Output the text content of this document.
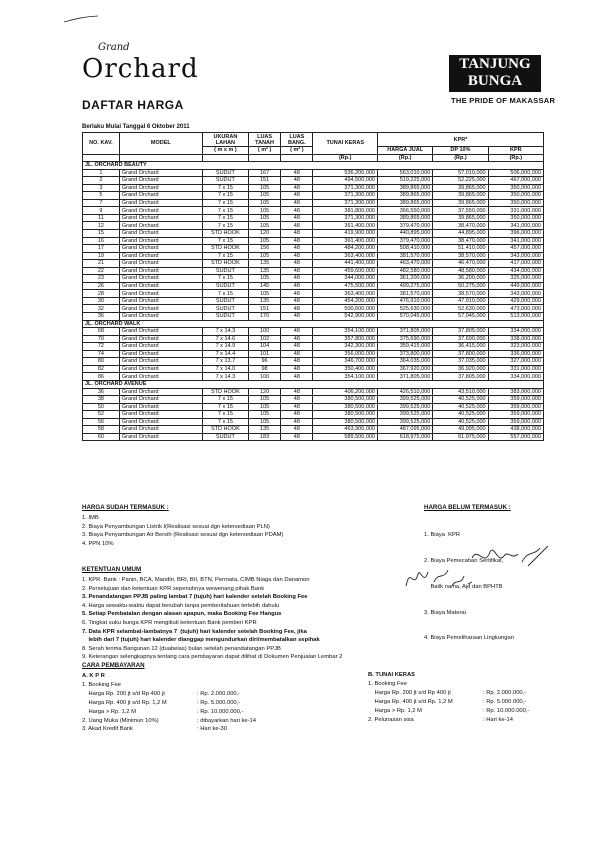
Grand
Orchard
DAFTAR HARGA
TANJUNG
BUNGA
THE PRIDE OF MAKASSAR
Berlaku Mulai Tanggal 6 Oktober 2011
NO. KAV.	MODEL	UKURAN LAHAN	LUAS TANAH	LUAS BANG.	TUNAI KERAS	KPR*		
		( m x m )	( m² )	( m² )		HARGA JUAL	DP 10%	KPR
					(Rp.)	(Rp.)	(Rp.)	(Rp.)
JL. ORCHARD BEAUTY								
1	Grand Orchard	SUDUT	167	48	536,200,000	563,010,000	57,010,000	506,000,000
2	Grand Orchard	SUDUT	151	48	494,500,000	519,225,000	52,225,000	467,000,000
3	Grand Orchard	7 x 15	105	48	371,300,000	389,865,000	39,865,000	350,000,000
5	Grand Orchard	7 x 15	105	48	371,300,000	389,865,000	39,865,000	350,000,000
7	Grand Orchard	7 x 15	105	48	371,300,000	389,865,000	39,865,000	350,000,000
9	Grand Orchard	7 x 15	105	48	381,800,000	366,550,000	37,550,000	331,000,000
11	Grand Orchard	7 x 15	105	48	371,300,000	389,865,000	39,865,000	350,000,000
12	Grand Orchard	7 x 15	105	48	361,400,000	379,470,000	38,470,000	341,000,000
15	Grand Orchard	STD HOOK	120	48	419,900,000	440,895,000	44,895,000	396,000,000
16	Grand Orchard	7 x 15	105	48	361,400,000	379,470,000	38,470,000	341,000,000
17	Grand Orchard	STD HOOK	156	48	484,200,000	508,410,000	51,410,000	457,000,000
19	Grand Orchard	7 x 15	105	48	363,400,000	381,570,000	38,570,000	343,000,000
21	Grand Orchard	STD HOOK	135	48	441,400,000	463,470,000	46,470,000	417,000,000
22	Grand Orchard	SUDUT	135	48	459,600,000	482,580,000	48,580,000	434,000,000
23	Grand Orchard	7 x 15	105	48	344,000,000	361,200,000	36,200,000	325,000,000
26	Grand Orchard	SUDUT	145	48	475,500,000	499,275,000	50,275,000	449,000,000
28	Grand Orchard	7 x 15	105	48	363,400,000	381,570,000	38,570,000	343,000,000
30	Grand Orchard	SUDUT	135	48	454,200,000	476,910,000	47,910,000	429,000,000
32	Grand Orchard	SUDUT	151	48	500,600,000	525,630,000	52,630,000	473,000,000
36	Grand Orchard	SUDUT	170	48	542,900,000	570,045,000	57,045,000	513,000,000
JL. ORCHARD WALK								
68	Grand Orchard	7 x 14.3	100	48	354,100,000	371,805,000	37,805,000	334,000,000
70	Grand Orchard	7 x 14.6	102	48	357,800,000	375,690,000	37,690,000	338,000,000
72	Grand Orchard	7 x 14.9	104	48	342,300,000	359,415,000	36,415,000	323,000,000
74	Grand Orchard	7 x 14.4	101	48	356,000,000	373,800,000	37,800,000	336,000,000
80	Grand Orchard	7 x 13.7	96	48	346,700,000	364,035,000	37,035,000	327,000,000
82	Grand Orchard	7 x 14.0	98	48	350,400,000	367,920,000	36,920,000	331,000,000
86	Grand Orchard	7 x 14.3	100	48	354,100,000	371,805,000	37,805,000	334,000,000
JL. ORCHARD AVENUE								
36	Grand Orchard	STD HOOK	120	48	406,200,000	426,510,000	43,510,000	383,000,000
38	Grand Orchard	7 x 15	105	48	380,500,000	399,525,000	40,525,000	359,000,000
50	Grand Orchard	7 x 15	105	48	380,500,000	399,525,000	40,525,000	359,000,000
52	Grand Orchard	7 x 15	105	48	380,500,000	399,525,000	40,525,000	359,000,000
56	Grand Orchard	7 x 15	105	48	380,500,000	399,525,000	40,525,000	359,000,000
58	Grand Orchard	STD HOOK	135	48	463,900,000	487,095,000	49,095,000	438,000,000
60	Grand Orchard	SUDUT	183	48	589,500,000	618,975,000	61,975,000	557,000,000
HARGA SUDAH TERMASUK :
1. IMB
2. Biaya Penyambungan Listrik I(Realisasi sesuai dgn ketersediaan PLN)
3. Biaya Penyambungan Air Bersih (Realisasi sesuai dgn ketersediaan PDAM)
4. PPN 10%
HARGA BELUM TERMASUK :

1. Biaya  KPR

2. Biaya Pemecahan Sertifikat,

Balik nama, Ajd dan BPHTB

3. Biaya Materai

4. Biaya Pemeliharaan Lingkungan

KETENTUAN UMUM
1. KPR  Bank : Panin, BCA, Mandiri, BRI, BII, BTN, Permata, CIMB Niaga dan Danamon
2. Persetujuan dan ketentuan KPR sepenuhnya wewenang pihak Bank
3. Penandatangan PPJB paling lambat 7 (tujuh) hari kalender setelah Booking Fee
4. Harga sewaktu-waktu dapat berubah tanpa pemberitahuan terlebih dahulu
5. Setiap Pembatalan dengan alasan apapun, maka Booking Fee Hangus
6. Tingkat suku bunga KPR mengikuti ketentuan Bank pemberi KPR
7. Data KPR selambat-lambatnya 7  (tujuh) hari kalender setelah Booking Fee, jika
lebih dari 7 (tujuh) hari kalender dianggap mengundurkan diri/membatalkan sepihak
8. Serah terima Bangunan 12 (duabelas) bulan setelah penandatangan PPJB
9. Keterangan selengkapnya tentang cara pembayaran dapat dilihat di Dokumen Penjualan Lembar 2
CARA PEMBAYARAN
A. K P R
1. Booking Fee
Harga Rp. 200 jt s/d Rp 400 jt	: Rp. 2.000.000,-
Harga Rp. 400 jt s/d Rp. 1,2 M	: Rp. 5.000.000,-
Harga > Rp. 1,2 M	: Rp. 10.000.000,-
2. Uang Muka (Minimun 10%)	: dibayarkan hari ke-14
3. Akad Kredit Bank	: Hari ke-30
B. TUNAI KERAS
1. Booking Fee
Harga Rp. 200 jt s/d Rp 400 jt	: Rp. 2.000.000,-
Harga Rp. 400 jt s/d Rp. 1,2 M	: Rp. 5.000.000,-
Harga > Rp. 1,2 M	: Rp. 10.000.000,-
2. Pelunasan sisa	: Hari ke-14
